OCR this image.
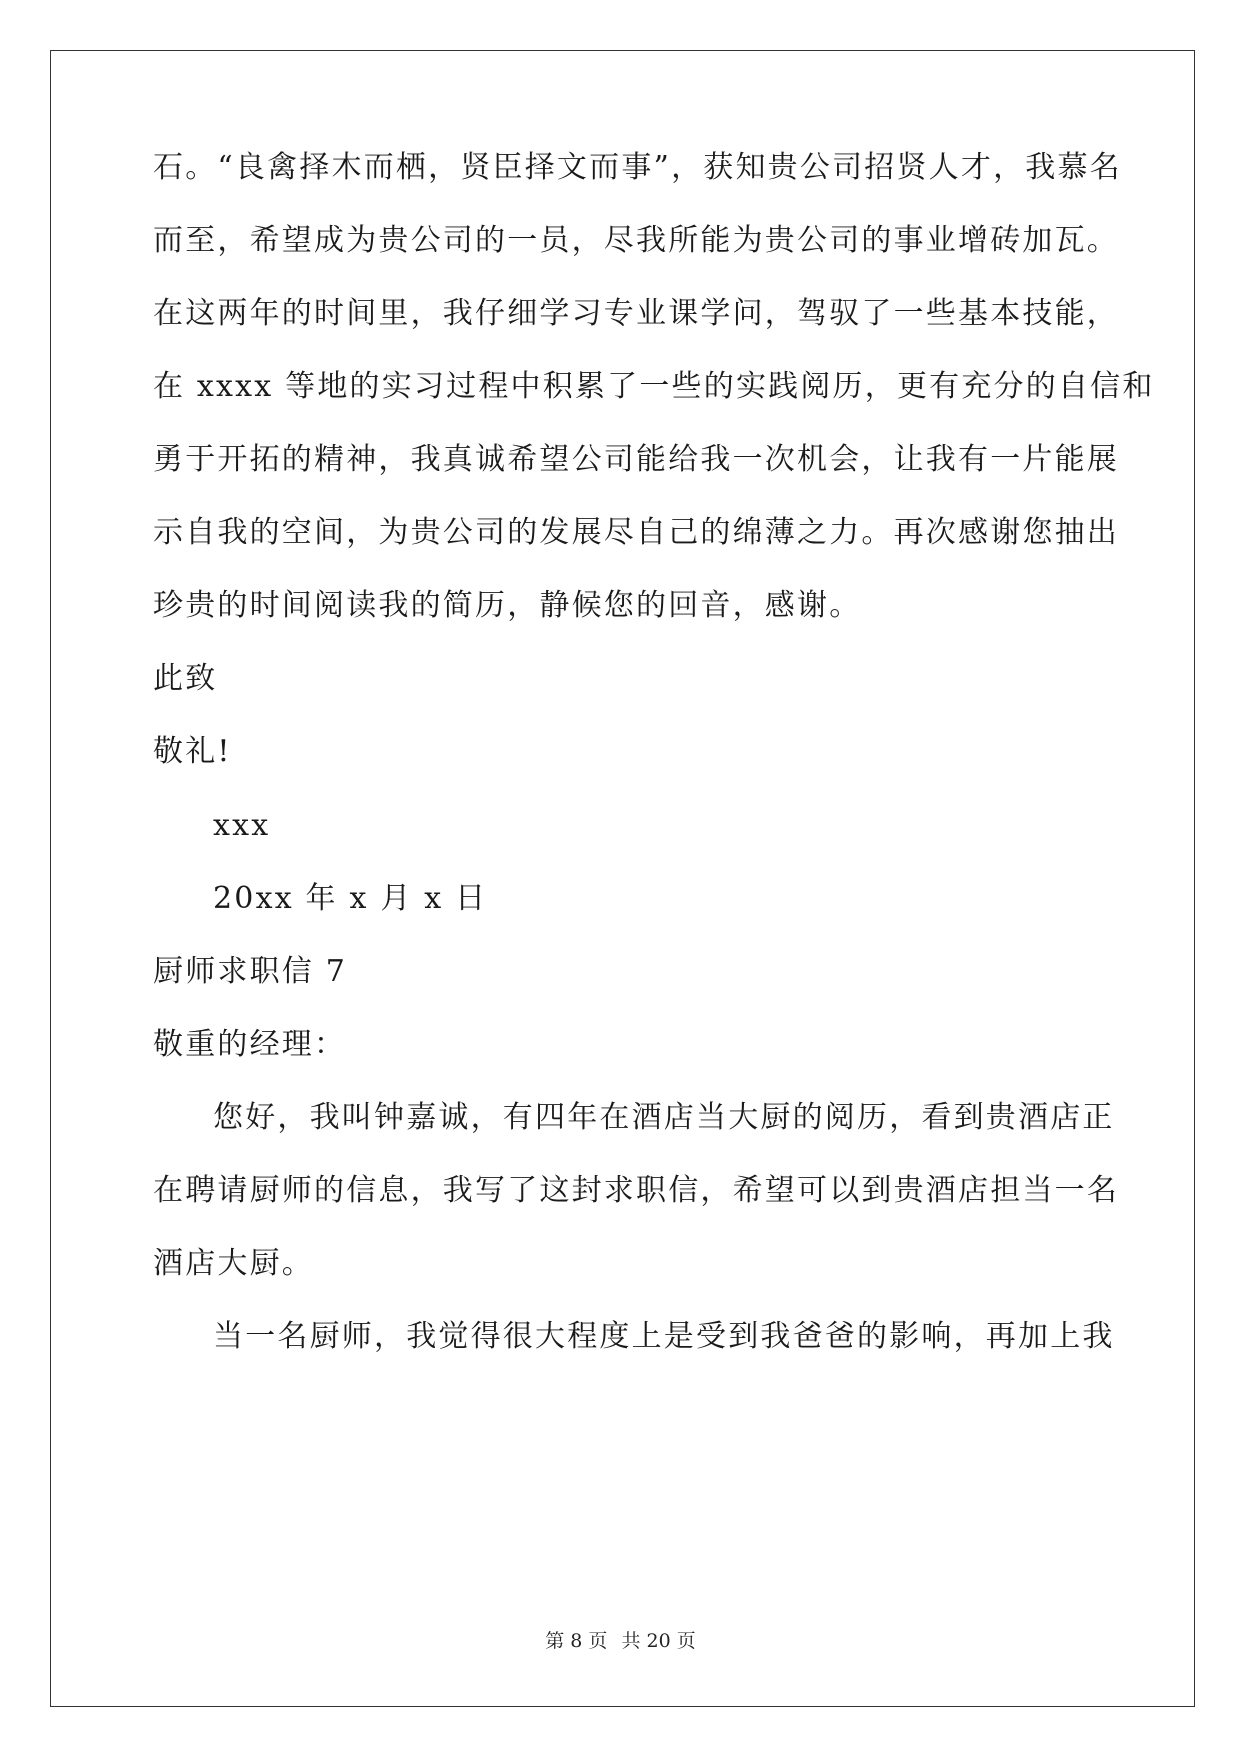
石。“良禽择木而栖，贤臣择文而事”，获知贵公司招贤人才，我慕名
而至，希望成为贵公司的一员，尽我所能为贵公司的事业增砖加瓦。
在这两年的时间里，我仔细学习专业课学问，驾驭了一些基本技能，
在 xxxx 等地的实习过程中积累了一些的实践阅历，更有充分的自信和
勇于开拓的精神，我真诚希望公司能给我一次机会，让我有一片能展
示自我的空间，为贵公司的发展尽自己的绵薄之力。再次感谢您抽出
珍贵的时间阅读我的简历，静候您的回音，感谢。
此致
敬礼!
xxx
20xx 年 x 月 x 日
厨师求职信 7
敬重的经理：
您好，我叫钟嘉诚，有四年在酒店当大厨的阅历，看到贵酒店正
在聘请厨师的信息，我写了这封求职信，希望可以到贵酒店担当一名
酒店大厨。
当一名厨师，我觉得很大程度上是受到我爸爸的影响，再加上我
第 8 页 共 20 页
